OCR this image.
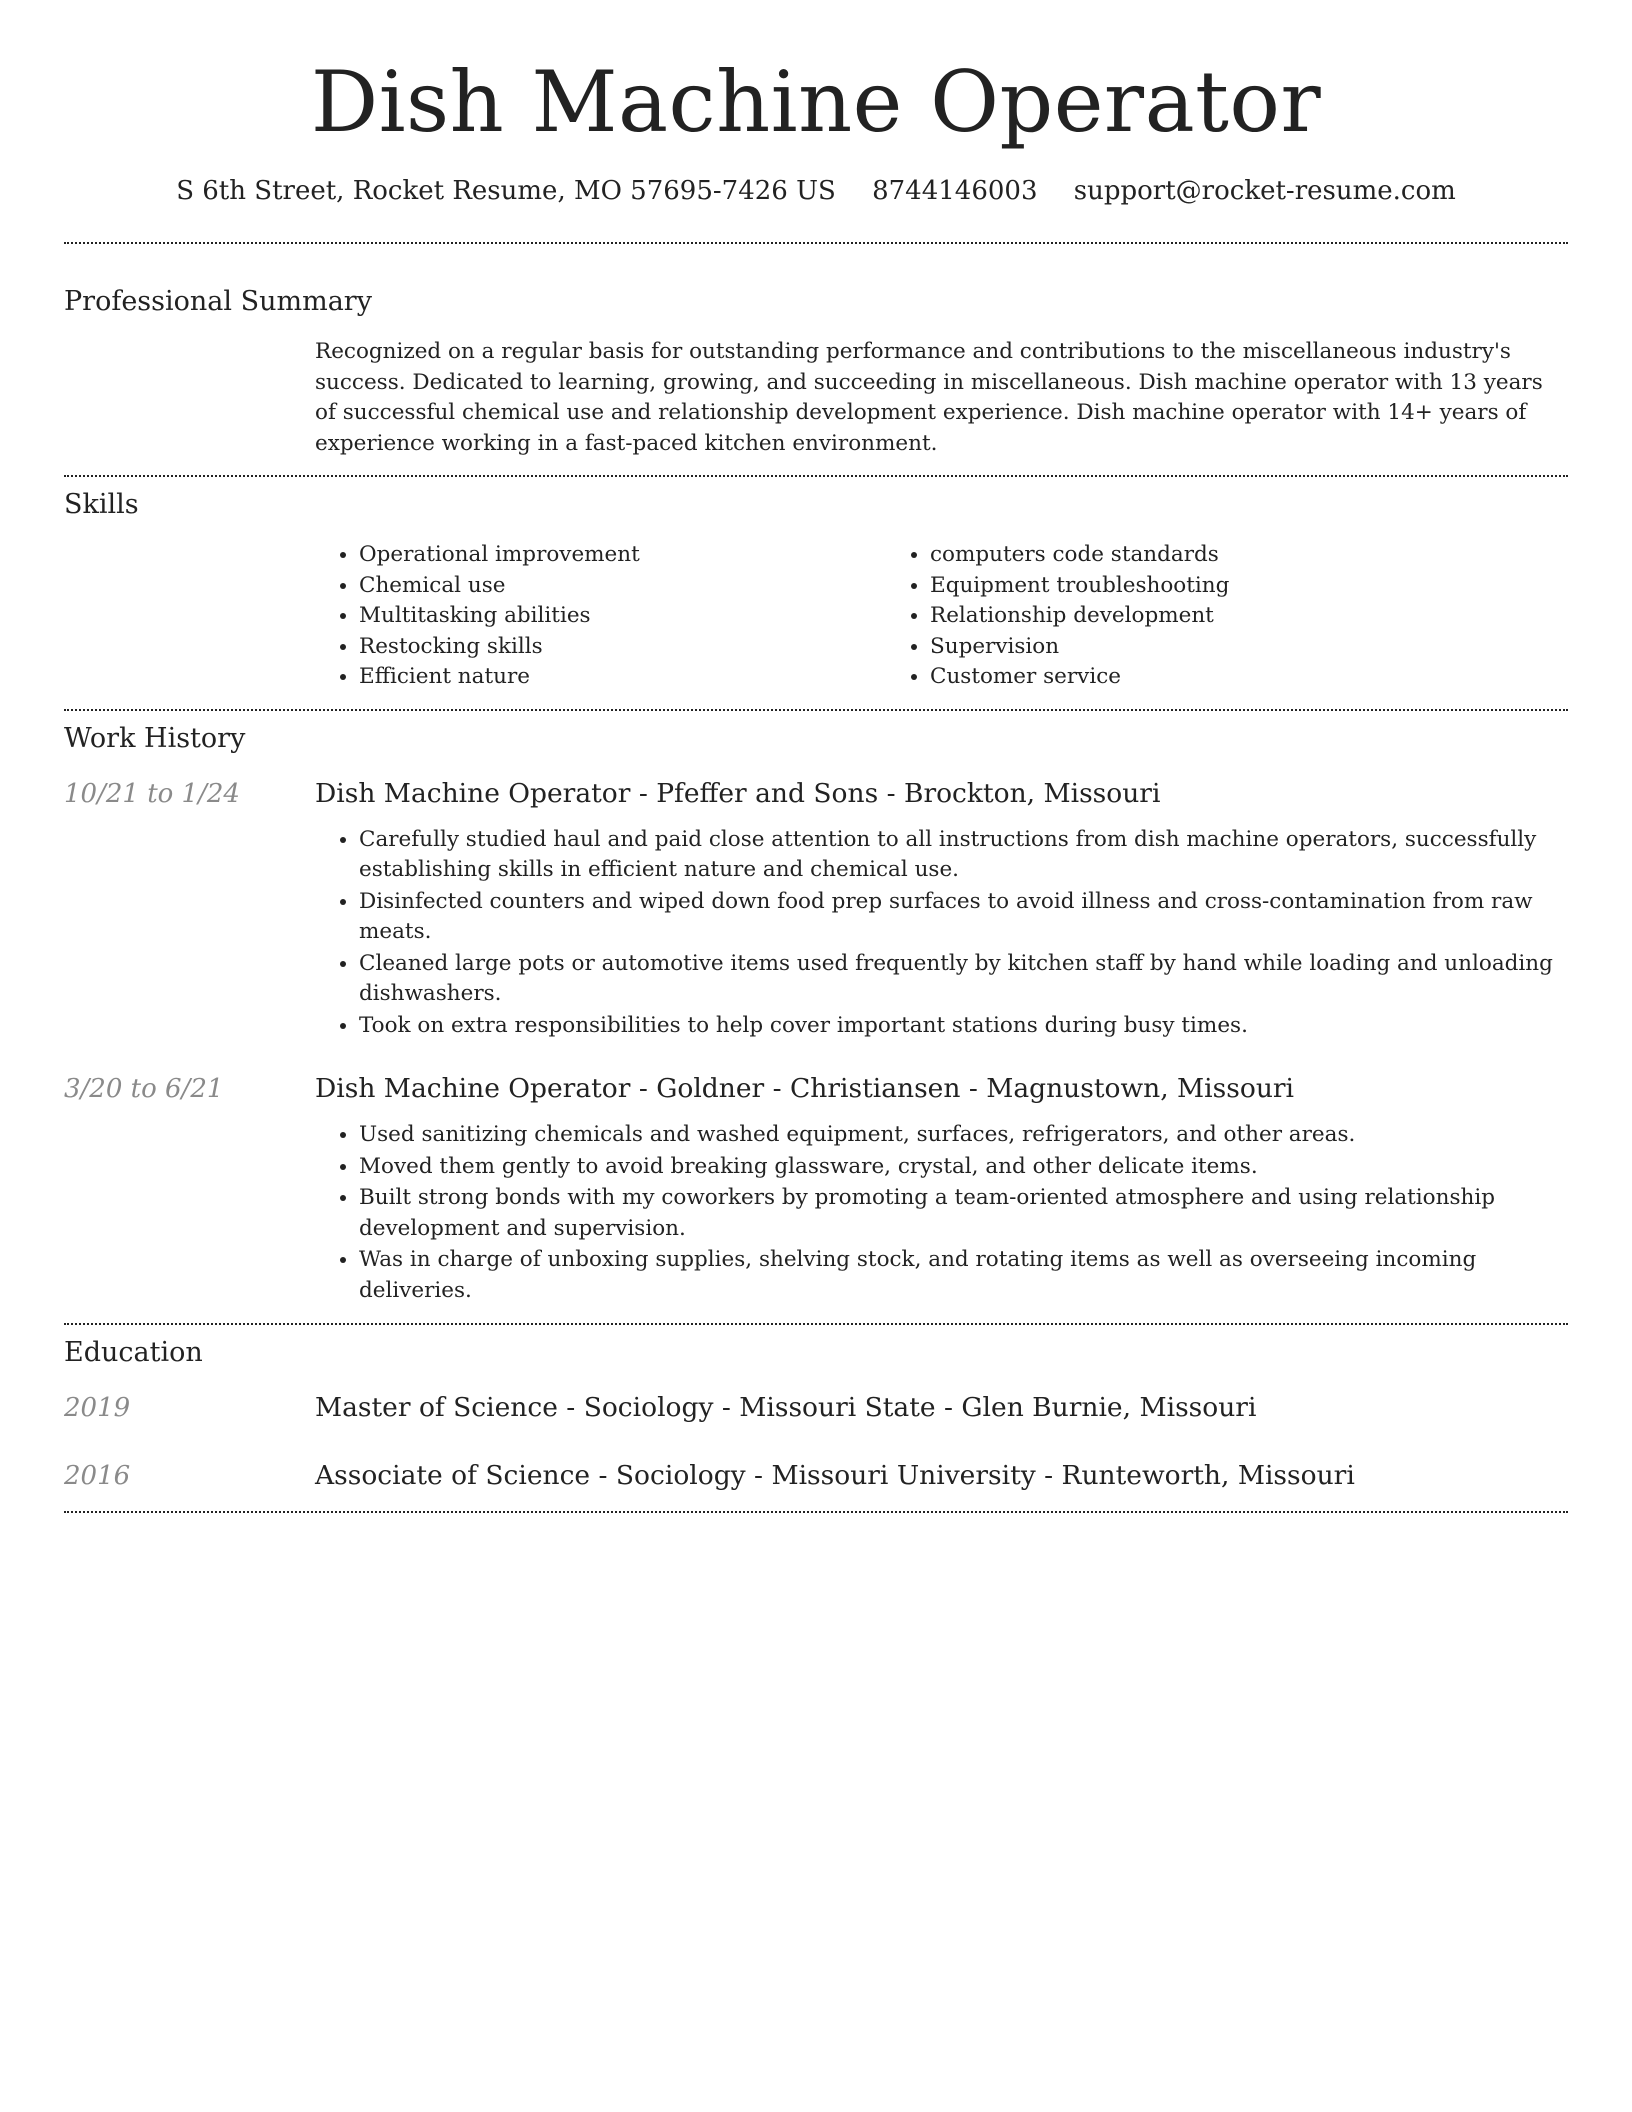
Dish Machine Operator
S 6th Street, Rocket Resume, MO 57695-7426 US 8744146003 support@rocket-resume.com
Professional Summary

Recognized on a regular basis for outstanding performance and contributions to the miscellaneous industry's success. Dedicated to learning, growing, and succeeding in miscellaneous. Dish machine operator with 13 years of successful chemical use and relationship development experience. Dish machine operator with 14+ years of experience working in a fast-paced kitchen environment.

Skills
• Operational improvement
• Chemical use
• Multitasking abilities
• Restocking skills
• Efficient nature
• computers code standards
• Equipment troubleshooting
• Relationship development
• Supervision
• Customer service
Work History
10/21 to 1/24	Dish Machine Operator - Pfeffer and Sons - Brockton, Missouri
• Carefully studied haul and paid close attention to all instructions from dish machine operators, successfully establishing skills in efficient nature and chemical use.
• Disinfected counters and wiped down food prep surfaces to avoid illness and cross-contamination from raw meats.
• Cleaned large pots or automotive items used frequently by kitchen staff by hand while loading and unloading dishwashers.
• Took on extra responsibilities to help cover important stations during busy times.
3/20 to 6/21	Dish Machine Operator - Goldner - Christiansen - Magnustown, Missouri
• Used sanitizing chemicals and washed equipment, surfaces, refrigerators, and other areas.
• Moved them gently to avoid breaking glassware, crystal, and other delicate items.
• Built strong bonds with my coworkers by promoting a team-oriented atmosphere and using relationship development and supervision.
• Was in charge of unboxing supplies, shelving stock, and rotating items as well as overseeing incoming deliveries.
Education
2019	Master of Science - Sociology - Missouri State - Glen Burnie, Missouri
2016	Associate of Science - Sociology - Missouri University - Runteworth, Missouri
